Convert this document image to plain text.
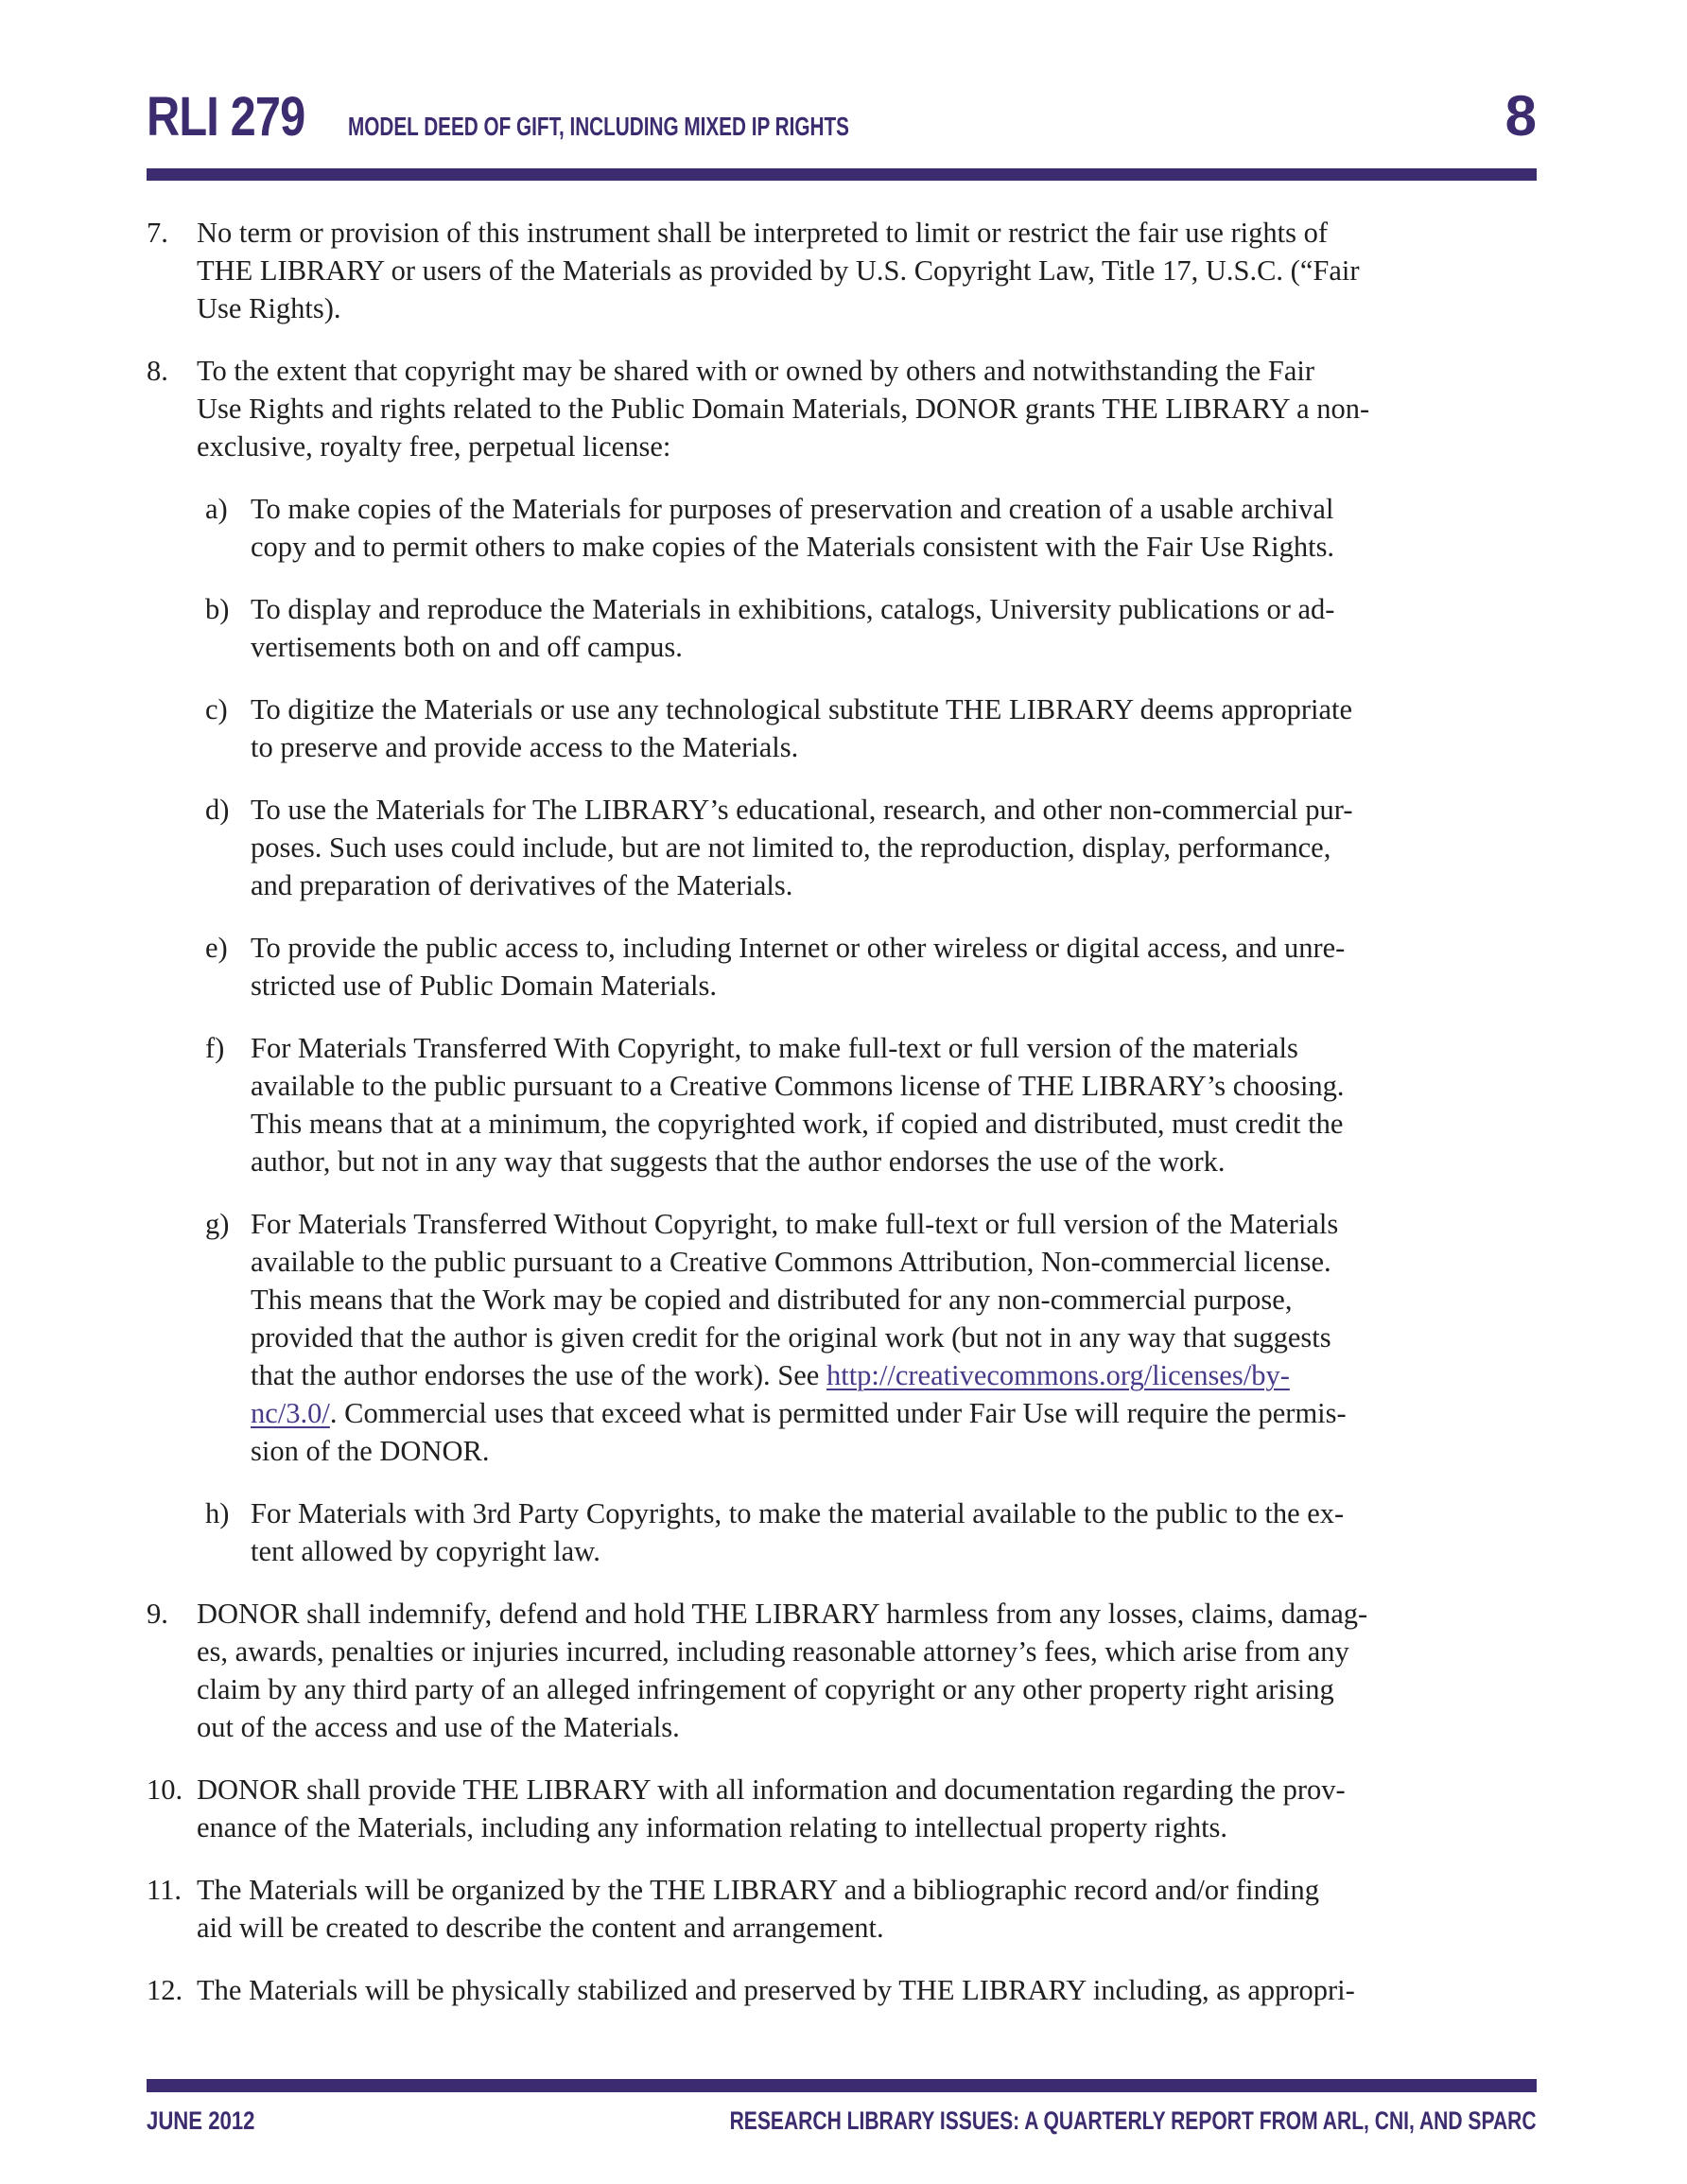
RLI 279 MODEL DEED OF GIFT, INCLUDING MIXED IP RIGHTS	8
7. No term or provision of this instrument shall be interpreted to limit or restrict the fair use rights of
THE LIBRARY or users of the Materials as provided by U.S. Copyright Law, Title 17, U.S.C. (“Fair
Use Rights).
8. To the extent that copyright may be shared with or owned by others and notwithstanding the Fair
Use Rights and rights related to the Public Domain Materials, DONOR grants THE LIBRARY a non-
exclusive, royalty free, perpetual license:
a) To make copies of the Materials for purposes of preservation and creation of a usable archival
copy and to permit others to make copies of the Materials consistent with the Fair Use Rights.
b) To display and reproduce the Materials in exhibitions, catalogs, University publications or ad-
vertisements both on and off campus.
c) To digitize the Materials or use any technological substitute THE LIBRARY deems appropriate
to preserve and provide access to the Materials.
d) To use the Materials for The LIBRARY’s educational, research, and other non-commercial pur-
poses. Such uses could include, but are not limited to, the reproduction, display, performance,
and preparation of derivatives of the Materials.
e) To provide the public access to, including Internet or other wireless or digital access, and unre-
stricted use of Public Domain Materials.
f) For Materials Transferred With Copyright, to make full-text or full version of the materials
available to the public pursuant to a Creative Commons license of THE LIBRARY’s choosing.
This means that at a minimum, the copyrighted work, if copied and distributed, must credit the
author, but not in any way that suggests that the author endorses the use of the work.
g) For Materials Transferred Without Copyright, to make full-text or full version of the Materials
available to the public pursuant to a Creative Commons Attribution, Non-commercial license.
This means that the Work may be copied and distributed for any non-commercial purpose,
provided that the author is given credit for the original work (but not in any way that suggests
that the author endorses the use of the work). See http://creativecommons.org/licenses/by-
nc/3.0/. Commercial uses that exceed what is permitted under Fair Use will require the permis-
sion of the DONOR.
h) For Materials with 3rd Party Copyrights, to make the material available to the public to the ex-
tent allowed by copyright law.
9. DONOR shall indemnify, defend and hold THE LIBRARY harmless from any losses, claims, damag-
es, awards, penalties or injuries incurred, including reasonable attorney’s fees, which arise from any
claim by any third party of an alleged infringement of copyright or any other property right arising
out of the access and use of the Materials.
10. DONOR shall provide THE LIBRARY with all information and documentation regarding the prov-
enance of the Materials, including any information relating to intellectual property rights.
11. The Materials will be organized by the THE LIBRARY and a bibliographic record and/or finding
aid will be created to describe the content and arrangement.
12. The Materials will be physically stabilized and preserved by THE LIBRARY including, as appropri-
JUNE 2012	RESEARCH LIBRARY ISSUES: A QUARTERLY REPORT FROM ARL, CNI, AND SPARC
